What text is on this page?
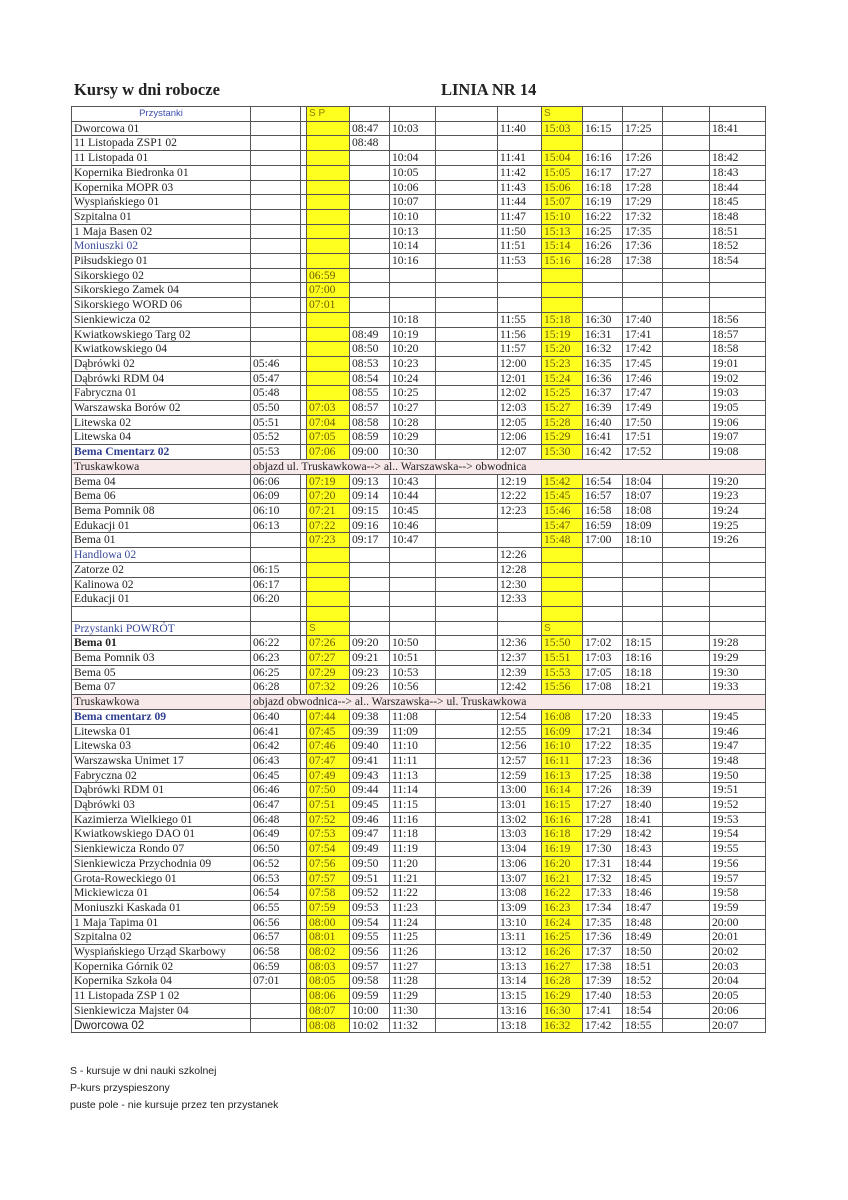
Kursy w dni robocze	LINIA NR 14
Przystanki			S P					S				
Dworcowa 01				08:47	10:03		11:40	15:03	16:15	17:25		18:41
11 Listopada ZSP1 02				08:48								
11 Listopada 01					10:04		11:41	15:04	16:16	17:26		18:42
Kopernika Biedronka 01					10:05		11:42	15:05	16:17	17:27		18:43
Kopernika MOPR 03					10:06		11:43	15:06	16:18	17:28		18:44
Wyspiańskiego 01					10:07		11:44	15:07	16:19	17:29		18:45
Szpitalna 01					10:10		11:47	15:10	16:22	17:32		18:48
1 Maja Basen 02					10:13		11:50	15:13	16:25	17:35		18:51
Moniuszki 02					10:14		11:51	15:14	16:26	17:36		18:52
Piłsudskiego 01					10:16		11:53	15:16	16:28	17:38		18:54
Sikorskiego 02			06:59									
Sikorskiego Zamek 04			07:00									
Sikorskiego WORD 06			07:01									
Sienkiewicza 02					10:18		11:55	15:18	16:30	17:40		18:56
Kwiatkowskiego Targ 02				08:49	10:19		11:56	15:19	16:31	17:41		18:57
Kwiatkowskiego 04				08:50	10:20		11:57	15:20	16:32	17:42		18:58
Dąbrówki 02	05:46			08:53	10:23		12:00	15:23	16:35	17:45		19:01
Dąbrówki RDM 04	05:47			08:54	10:24		12:01	15:24	16:36	17:46		19:02
Fabryczna 01	05:48			08:55	10:25		12:02	15:25	16:37	17:47		19:03
Warszawska Borów 02	05:50		07:03	08:57	10:27		12:03	15:27	16:39	17:49		19:05
Litewska 02	05:51		07:04	08:58	10:28		12:05	15:28	16:40	17:50		19:06
Litewska 04	05:52		07:05	08:59	10:29		12:06	15:29	16:41	17:51		19:07
Bema Cmentarz 02	05:53		07:06	09:00	10:30		12:07	15:30	16:42	17:52		19:08
Truskawkowa	objazd ul. Truskawkowa--> al.. Warszawska--> obwodnica											
Bema 04	06:06		07:19	09:13	10:43		12:19	15:42	16:54	18:04		19:20
Bema 06	06:09		07:20	09:14	10:44		12:22	15:45	16:57	18:07		19:23
Bema Pomnik 08	06:10		07:21	09:15	10:45		12:23	15:46	16:58	18:08		19:24
Edukacji 01	06:13		07:22	09:16	10:46			15:47	16:59	18:09		19:25
Bema 01			07:23	09:17	10:47			15:48	17:00	18:10		19:26
Handlowa 02							12:26					
Zatorze 02	06:15						12:28					
Kalinowa 02	06:17						12:30					
Edukacji 01	06:20						12:33					

Przystanki POWRÓT			S					S				
Bema 01	06:22		07:26	09:20	10:50		12:36	15:50	17:02	18:15		19:28
Bema Pomnik 03	06:23		07:27	09:21	10:51		12:37	15:51	17:03	18:16		19:29
Bema 05	06:25		07:29	09:23	10:53		12:39	15:53	17:05	18:18		19:30
Bema 07	06:28		07:32	09:26	10:56		12:42	15:56	17:08	18:21		19:33
Truskawkowa	objazd obwodnica--> al.. Warszawska--> ul. Truskawkowa											
Bema cmentarz 09	06:40		07:44	09:38	11:08		12:54	16:08	17:20	18:33		19:45
Litewska 01	06:41		07:45	09:39	11:09		12:55	16:09	17:21	18:34		19:46
Litewska 03	06:42		07:46	09:40	11:10		12:56	16:10	17:22	18:35		19:47
Warszawska Unimet 17	06:43		07:47	09:41	11:11		12:57	16:11	17:23	18:36		19:48
Fabryczna 02	06:45		07:49	09:43	11:13		12:59	16:13	17:25	18:38		19:50
Dąbrówki RDM 01	06:46		07:50	09:44	11:14		13:00	16:14	17:26	18:39		19:51
Dąbrówki 03	06:47		07:51	09:45	11:15		13:01	16:15	17:27	18:40		19:52
Kazimierza Wielkiego 01	06:48		07:52	09:46	11:16		13:02	16:16	17:28	18:41		19:53
Kwiatkowskiego DAO 01	06:49		07:53	09:47	11:18		13:03	16:18	17:29	18:42		19:54
Sienkiewicza Rondo 07	06:50		07:54	09:49	11:19		13:04	16:19	17:30	18:43		19:55
Sienkiewicza Przychodnia 09	06:52		07:56	09:50	11:20		13:06	16:20	17:31	18:44		19:56
Grota-Roweckiego 01	06:53		07:57	09:51	11:21		13:07	16:21	17:32	18:45		19:57
Mickiewicza 01	06:54		07:58	09:52	11:22		13:08	16:22	17:33	18:46		19:58
Moniuszki Kaskada 01	06:55		07:59	09:53	11:23		13:09	16:23	17:34	18:47		19:59
1 Maja Tapima 01	06:56		08:00	09:54	11:24		13:10	16:24	17:35	18:48		20:00
Szpitalna 02	06:57		08:01	09:55	11:25		13:11	16:25	17:36	18:49		20:01
Wyspiańskiego Urząd Skarbowy	06:58		08:02	09:56	11:26		13:12	16:26	17:37	18:50		20:02
Kopernika Górnik 02	06:59		08:03	09:57	11:27		13:13	16:27	17:38	18:51		20:03
Kopernika Szkoła 04	07:01		08:05	09:58	11:28		13:14	16:28	17:39	18:52		20:04
11 Listopada ZSP 1 02			08:06	09:59	11:29		13:15	16:29	17:40	18:53		20:05
Sienkiewicza Majster 04			08:07	10:00	11:30		13:16	16:30	17:41	18:54		20:06
Dworcowa 02			08:08	10:02	11:32		13:18	16:32	17:42	18:55		20:07
S - kursuje w dni nauki szkolnej
P-kurs przyspieszony
puste pole - nie kursuje przez ten przystanek
